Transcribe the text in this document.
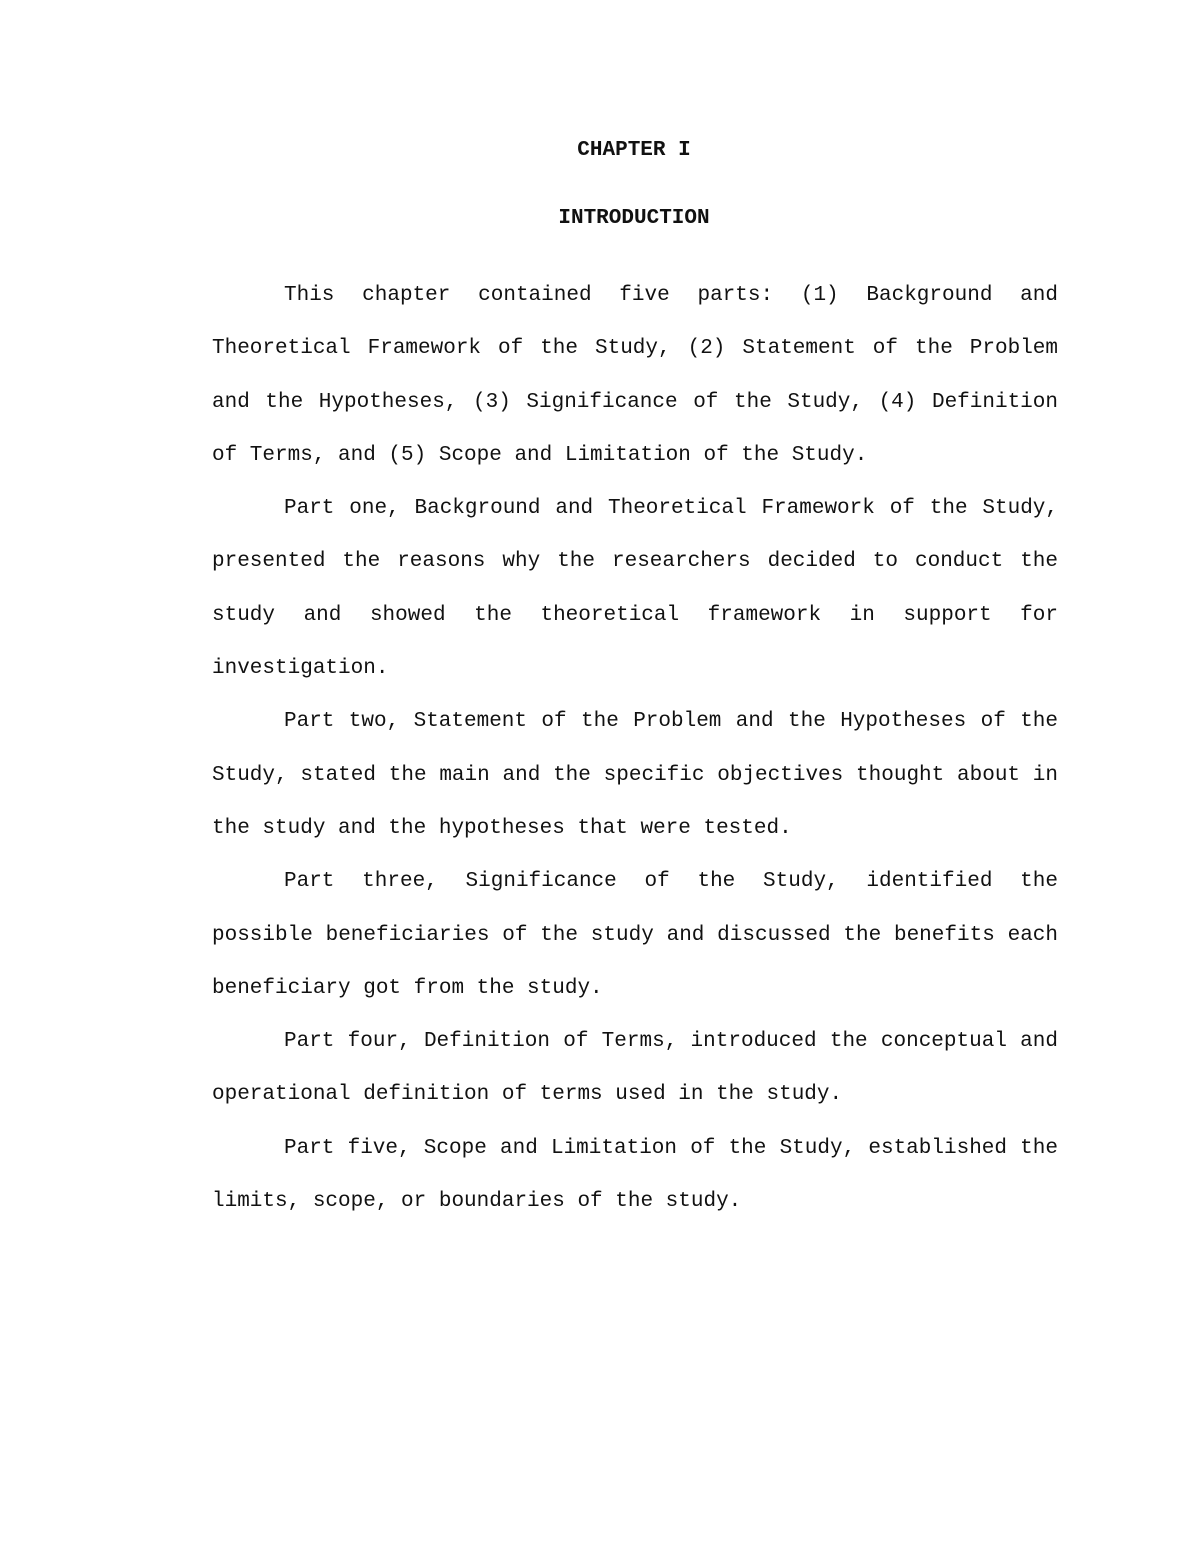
CHAPTER I
INTRODUCTION

This chapter contained five parts: (1) Background and Theoretical Framework of the Study, (2) Statement of the Problem and the Hypotheses, (3) Significance of the Study, (4) Definition of Terms, and (5) Scope and Limitation of the Study.

Part one, Background and Theoretical Framework of the Study, presented the reasons why the researchers decided to conduct the study and showed the theoretical framework in support for investigation.

Part two, Statement of the Problem and the Hypotheses of the Study, stated the main and the specific objectives thought about in the study and the hypotheses that were tested.

Part three, Significance of the Study, identified the possible beneficiaries of the study and discussed the benefits each beneficiary got from the study.

Part four, Definition of Terms, introduced the conceptual and operational definition of terms used in the study.

Part five, Scope and Limitation of the Study, established the limits, scope, or boundaries of the study.
